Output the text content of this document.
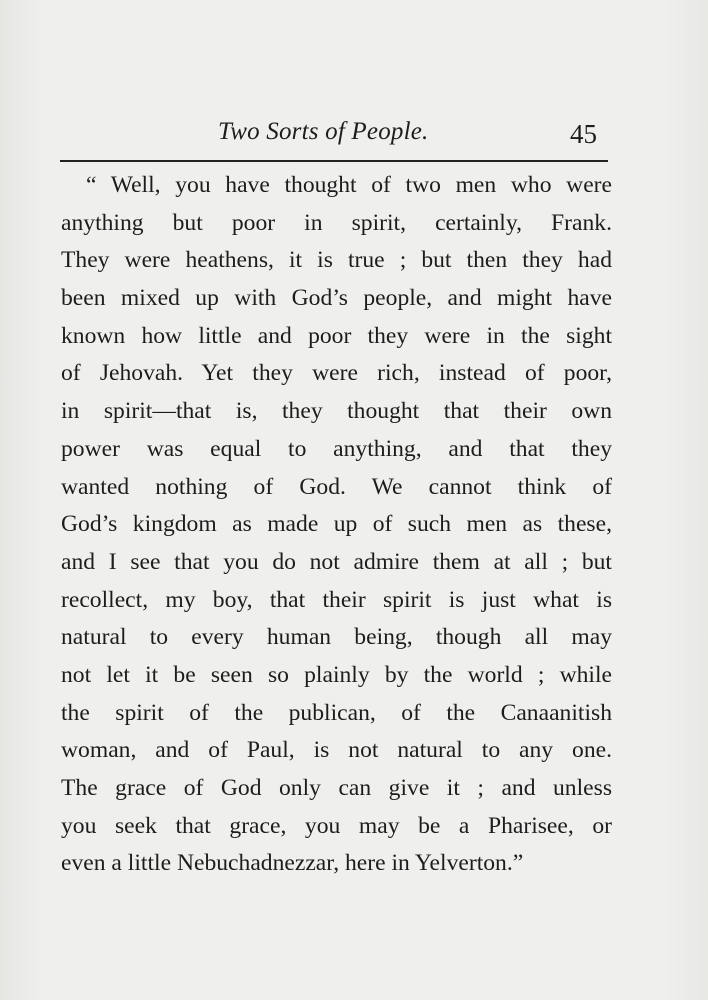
Two Sorts of People.	45
“ Well, you have thought of two men who were
anything but poor in spirit, certainly, Frank.
They were heathens, it is true ; but then they had
been mixed up with God’s people, and might have
known how little and poor they were in the sight
of Jehovah. Yet they were rich, instead of poor,
in spirit—that is, they thought that their own
power was equal to anything, and that they
wanted nothing of God. We cannot think of
God’s kingdom as made up of such men as these,
and I see that you do not admire them at all ; but
recollect, my boy, that their spirit is just what is
natural to every human being, though all may
not let it be seen so plainly by the world ; while
the spirit of the publican, of the Canaanitish
woman, and of Paul, is not natural to any one.
The grace of God only can give it ; and unless
you seek that grace, you may be a Pharisee, or
even a little Nebuchadnezzar, here in Yelverton.”
